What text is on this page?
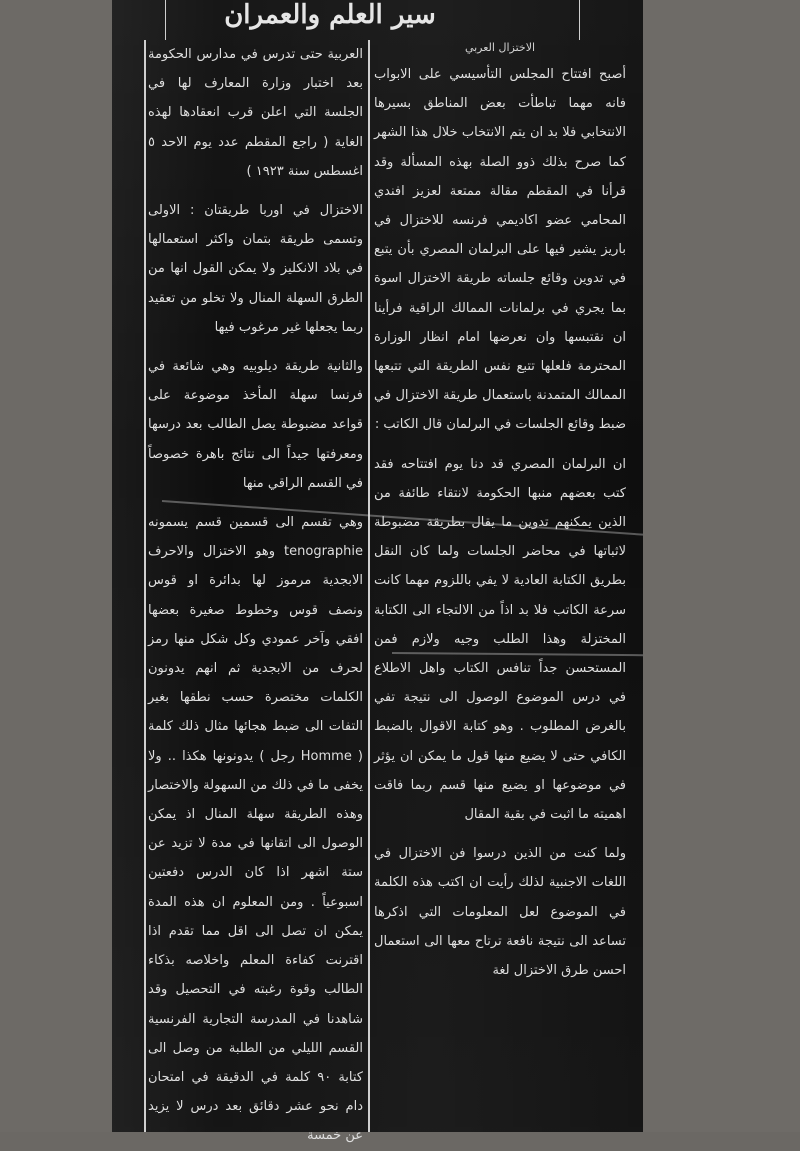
سير العلم والعمران

الاختزال العربي

أصبح افتتاح المجلس التأسيسي على الابواب فانه مهما تباطأت بعض المناطق بسيرها الانتخابي فلا بد ان يتم الانتخاب خلال هذا الشهر كما صرح بذلك ذوو الصلة بهذه المسألة وقد قرأنا في المقطم مقالة ممتعة لعزيز افندي المحامي عضو اكاديمي فرنسه للاختزال في باريز يشير فيها على البرلمان المصري بأن يتبع في تدوين وقائع جلساته طريقة الاختزال اسوة بما يجري في برلمانات الممالك الراقية فرأينا ان نقتبسها وان نعرضها امام انظار الوزارة المحترمة فلعلها تتبع نفس الطريقة التي تتبعها الممالك المتمدنة باستعمال طريقة الاختزال في ضبط وقائع الجلسات في البرلمان قال الكاتب :

ان البرلمان المصري قد دنا يوم افتتاحه فقد كتب بعضهم منبها الحكومة لانتقاء طائفة من الذين يمكنهم تدوين ما يقال بطريقة مضبوطة لاثباتها في محاضر الجلسات ولما كان النقل بطريق الكتابة العادية لا يفي باللزوم مهما كانت سرعة الكاتب فلا بد اذاً من الالتجاء الى الكتابة المختزلة وهذا الطلب وجيه ولازم فمن المستحسن جداً تنافس الكتاب واهل الاطلاع في درس الموضوع الوصول الى نتيجة تفي بالغرض المطلوب . وهو كتابة الاقوال بالضبط الكافي حتى لا يضيع منها قول ما يمكن ان يؤثر في موضوعها او يضيع منها قسم ربما فاقت اهميته ما اثبت في بقية المقال

ولما كنت من الذين درسوا فن الاختزال في اللغات الاجنبية لذلك رأيت ان اكتب هذه الكلمة في الموضوع لعل المعلومات التي اذكرها تساعد الى نتيجة نافعة ترتاح معها الى استعمال احسن طرق الاختزال لغة

العربية حتى تدرس في مدارس الحكومة بعد اختبار وزارة المعارف لها في الجلسة التي اعلن قرب انعقادها لهذه الغاية ( راجع المقطم عدد يوم الاحد ٥ اغسطس سنة ١٩٢٣ )

الاختزال في اوربا طريقتان : الاولى وتسمى طريقة بتمان واكثر استعمالها في بلاد الانكليز ولا يمكن القول انها من الطرق السهلة المنال ولا تخلو من تعقيد ربما يجعلها غير مرغوب فيها

والثانية طريقة ديلوبيه وهي شائعة في فرنسا سهلة المأخذ موضوعة على قواعد مضبوطة يصل الطالب بعد درسها ومعرفتها جيداً الى نتائج باهرة خصوصاً في القسم الراقي منها

وهي تقسم الى قسمين قسم يسمونه tenographie وهو الاختزال والاحرف الابجدية مرموز لها بدائرة او قوس ونصف قوس وخطوط صغيرة بعضها افقي وآخر عمودي وكل شكل منها رمز لحرف من الابجدية ثم انهم يدونون الكلمات مختصرة حسب نطقها بغير التفات الى ضبط هجائها مثال ذلك كلمة ( Homme رجل ) يدونونها هكذا .. ولا يخفى ما في ذلك من السهولة والاختصار وهذه الطريقة سهلة المنال اذ يمكن الوصول الى اتقانها في مدة لا تزيد عن ستة اشهر اذا كان الدرس دفعتين اسبوعياً . ومن المعلوم ان هذه المدة يمكن ان تصل الى اقل مما تقدم اذا اقترنت كفاءة المعلم واخلاصه بذكاء الطالب وقوة رغبته في التحصيل وقد شاهدنا في المدرسة التجارية الفرنسية القسم الليلي من الطلبة من وصل الى كتابة ٩٠ كلمة في الدقيقة في امتحان دام نحو عشر دقائق بعد درس لا يزيد عن خمسة
